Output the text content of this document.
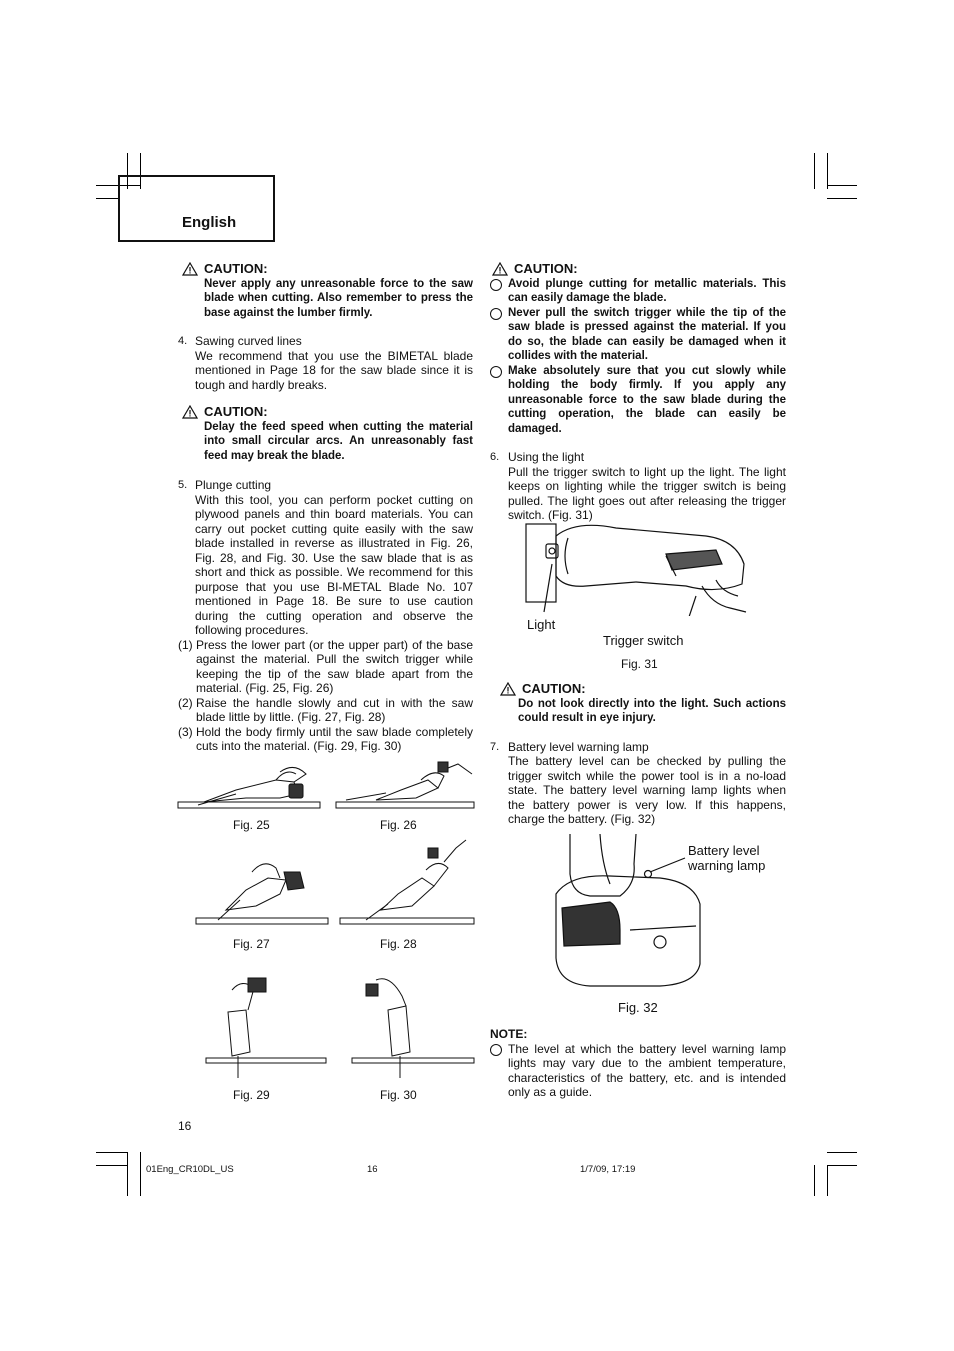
English
CAUTION:
Never apply any unreasonable force to the saw blade when cutting. Also remember to press the base against the lumber firmly.
4. Sawing curved lines
We recommend that you use the BIMETAL blade mentioned in Page 18 for the saw blade since it is tough and hardly breaks.
CAUTION:
Delay the feed speed when cutting the material into small circular arcs. An unreasonably fast feed may break the blade.
5. Plunge cutting
With this tool, you can perform pocket cutting on plywood panels and thin board materials. You can carry out pocket cutting quite easily with the saw blade installed in reverse as illustrated in Fig. 26, Fig. 28, and Fig. 30. Use the saw blade that is as short and thick as possible. We recommend for this purpose that you use BI-METAL Blade No. 107 mentioned in Page 18. Be sure to use caution during the cutting operation and observe the following procedures.
(1) Press the lower part (or the upper part) of the base against the material. Pull the switch trigger while keeping the tip of the saw blade apart from the material. (Fig. 25, Fig. 26)
(2) Raise the handle slowly and cut in with the saw blade little by little. (Fig. 27, Fig. 28)
(3) Hold the body firmly until the saw blade completely cuts into the material. (Fig. 29, Fig. 30)
Fig. 25	Fig. 26
Fig. 27	Fig. 28
Fig. 29	Fig. 30
CAUTION:
Avoid plunge cutting for metallic materials. This can easily damage the blade.
Never pull the switch trigger while the tip of the saw blade is pressed against the material. If you do so, the blade can easily be damaged when it collides with the material.
Make absolutely sure that you cut slowly while holding the body firmly. If you apply any unreasonable force to the saw blade during the cutting operation, the blade can easily be damaged.
6. Using the light
Pull the trigger switch to light up the light. The light keeps on lighting while the trigger switch is being pulled. The light goes out after releasing the trigger switch. (Fig. 31)
Light
Trigger switch
Fig. 31
CAUTION:
Do not look directly into the light. Such actions could result in eye injury.
7. Battery level warning lamp
The battery level can be checked by pulling the trigger switch while the power tool is in a no-load state. The battery level warning lamp lights when the battery power is very low. If this happens, charge the battery. (Fig. 32)
Battery level
warning lamp
Fig. 32
NOTE:
The level at which the battery level warning lamp lights may vary due to the ambient temperature, characteristics of the battery, etc. and is intended only as a guide.
16
01Eng_CR10DL_US	16	1/7/09, 17:19
